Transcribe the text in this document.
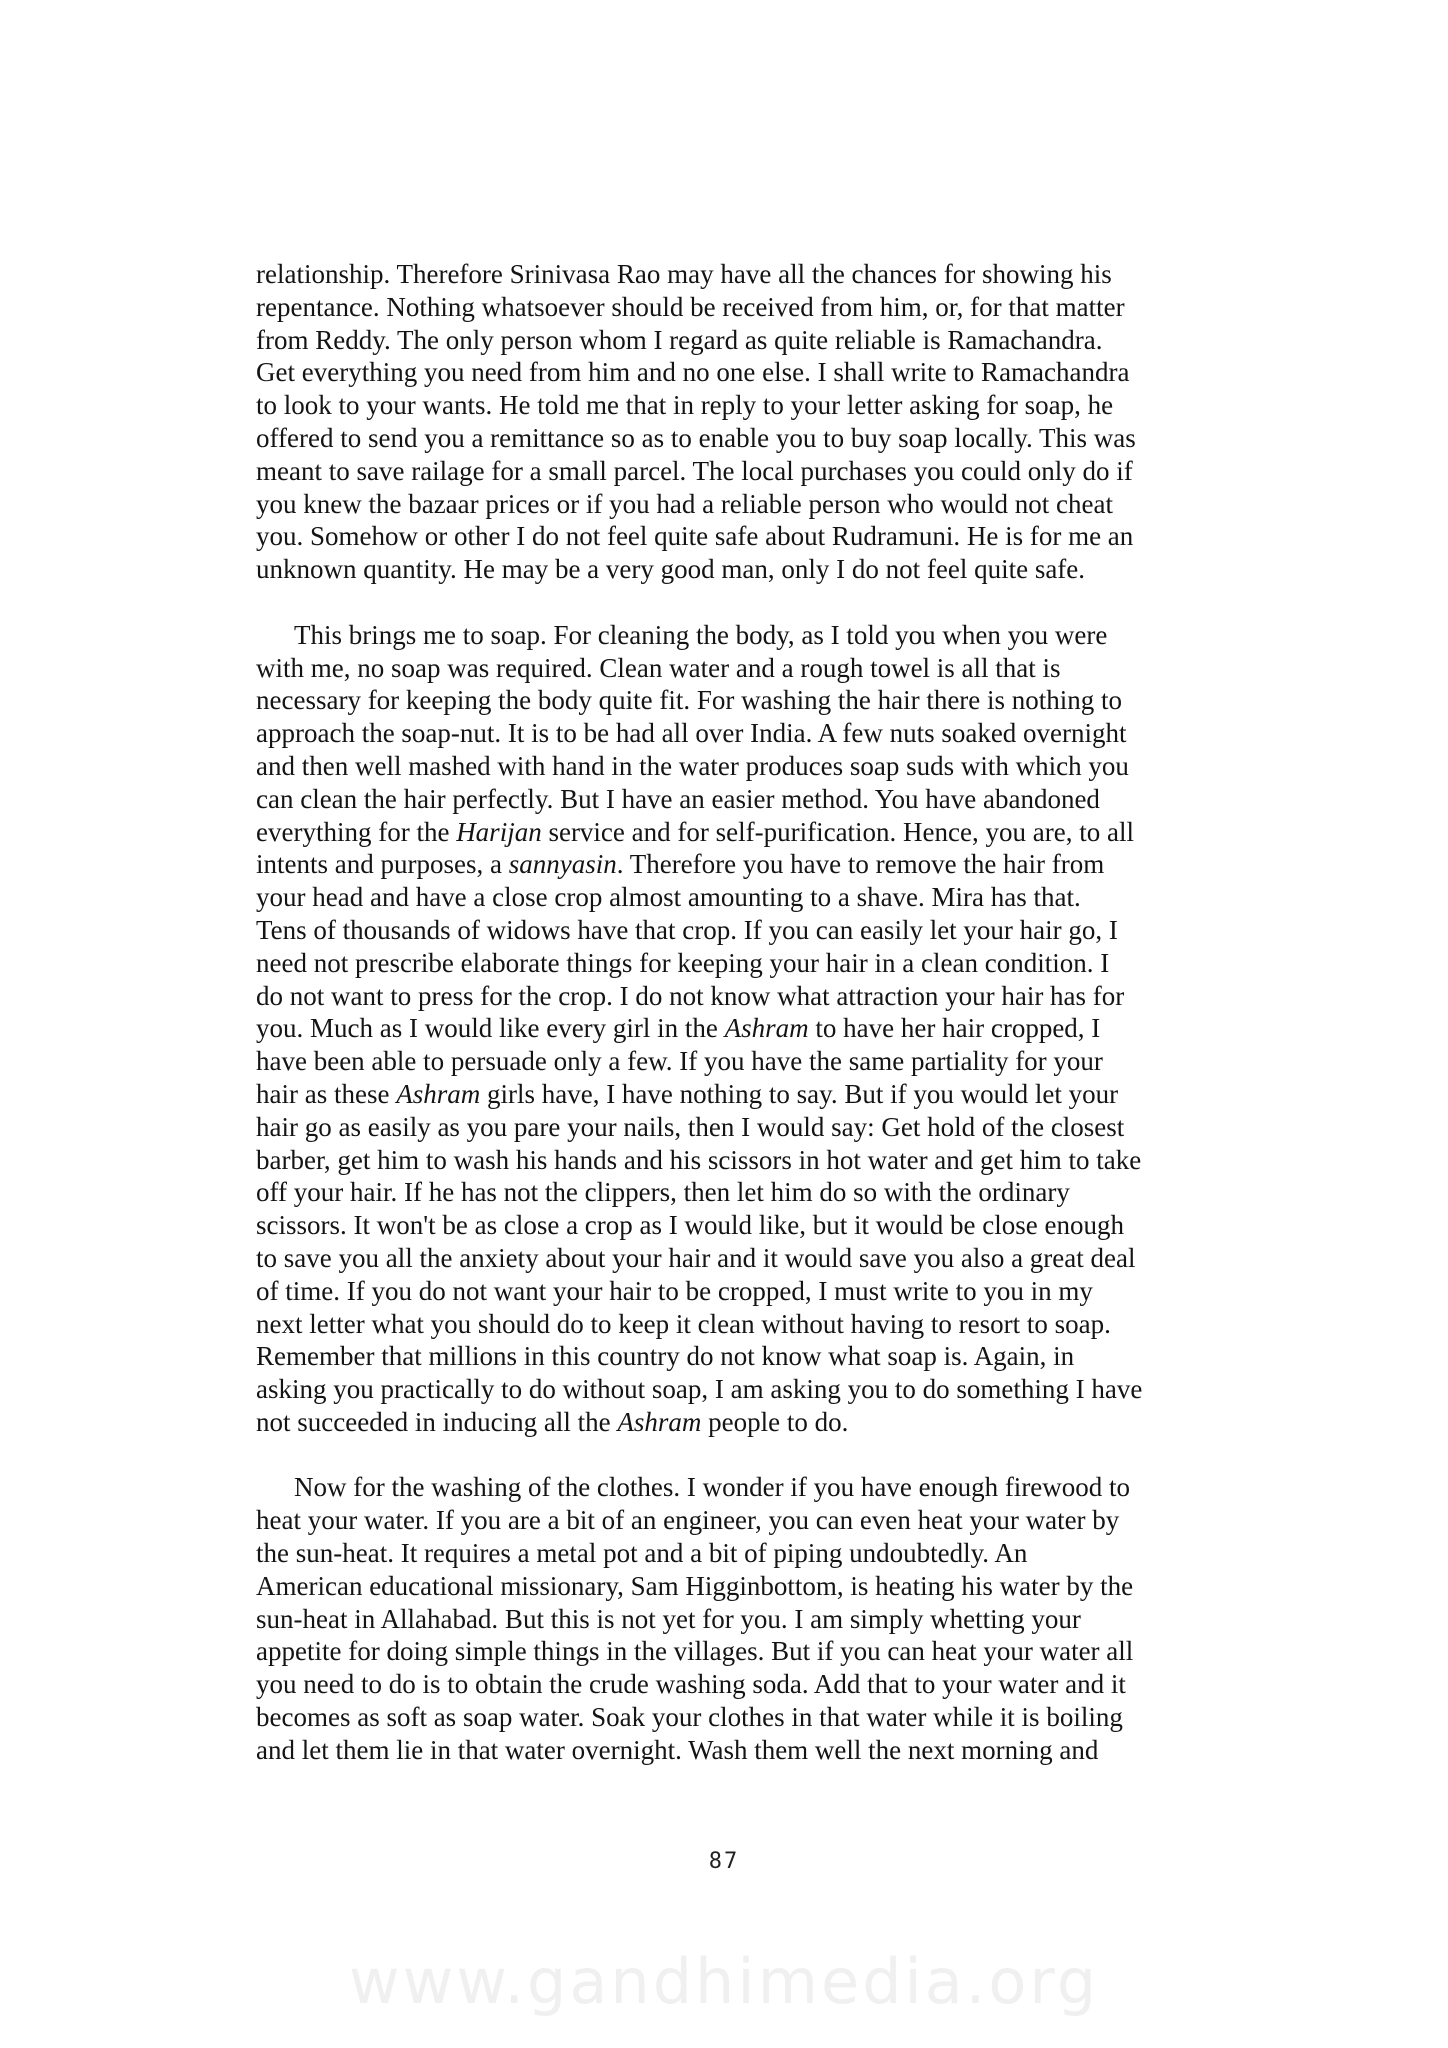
relationship. Therefore Srinivasa Rao may have all the chances for showing his
repentance. Nothing whatsoever should be received from him, or, for that matter
from Reddy. The only person whom I regard as quite reliable is Ramachandra.
Get everything you need from him and no one else. I shall write to Ramachandra
to look to your wants. He told me that in reply to your letter asking for soap, he
offered to send you a remittance so as to enable you to buy soap locally. This was
meant to save railage for a small parcel. The local purchases you could only do if
you knew the bazaar prices or if you had a reliable person who would not cheat
you. Somehow or other I do not feel quite safe about Rudramuni. He is for me an
unknown quantity. He may be a very good man, only I do not feel quite safe.

This brings me to soap. For cleaning the body, as I told you when you were
with me, no soap was required. Clean water and a rough towel is all that is
necessary for keeping the body quite fit. For washing the hair there is nothing to
approach the soap-nut. It is to be had all over India. A few nuts soaked overnight
and then well mashed with hand in the water produces soap suds with which you
can clean the hair perfectly. But I have an easier method. You have abandoned
everything for the Harijan service and for self-purification. Hence, you are, to all
intents and purposes, a sannyasin. Therefore you have to remove the hair from
your head and have a close crop almost amounting to a shave. Mira has that.
Tens of thousands of widows have that crop. If you can easily let your hair go, I
need not prescribe elaborate things for keeping your hair in a clean condition. I
do not want to press for the crop. I do not know what attraction your hair has for
you. Much as I would like every girl in the Ashram to have her hair cropped, I
have been able to persuade only a few. If you have the same partiality for your
hair as these Ashram girls have, I have nothing to say. But if you would let your
hair go as easily as you pare your nails, then I would say: Get hold of the closest
barber, get him to wash his hands and his scissors in hot water and get him to take
off your hair. If he has not the clippers, then let him do so with the ordinary
scissors. It won't be as close a crop as I would like, but it would be close enough
to save you all the anxiety about your hair and it would save you also a great deal
of time. If you do not want your hair to be cropped, I must write to you in my
next letter what you should do to keep it clean without having to resort to soap.
Remember that millions in this country do not know what soap is. Again, in
asking you practically to do without soap, I am asking you to do something I have
not succeeded in inducing all the Ashram people to do.

Now for the washing of the clothes. I wonder if you have enough firewood to
heat your water. If you are a bit of an engineer, you can even heat your water by
the sun-heat. It requires a metal pot and a bit of piping undoubtedly. An
American educational missionary, Sam Higginbottom, is heating his water by the
sun-heat in Allahabad. But this is not yet for you. I am simply whetting your
appetite for doing simple things in the villages. But if you can heat your water all
you need to do is to obtain the crude washing soda. Add that to your water and it
becomes as soft as soap water. Soak your clothes in that water while it is boiling
and let them lie in that water overnight. Wash them well the next morning and

87
www.gandhimedia.org
